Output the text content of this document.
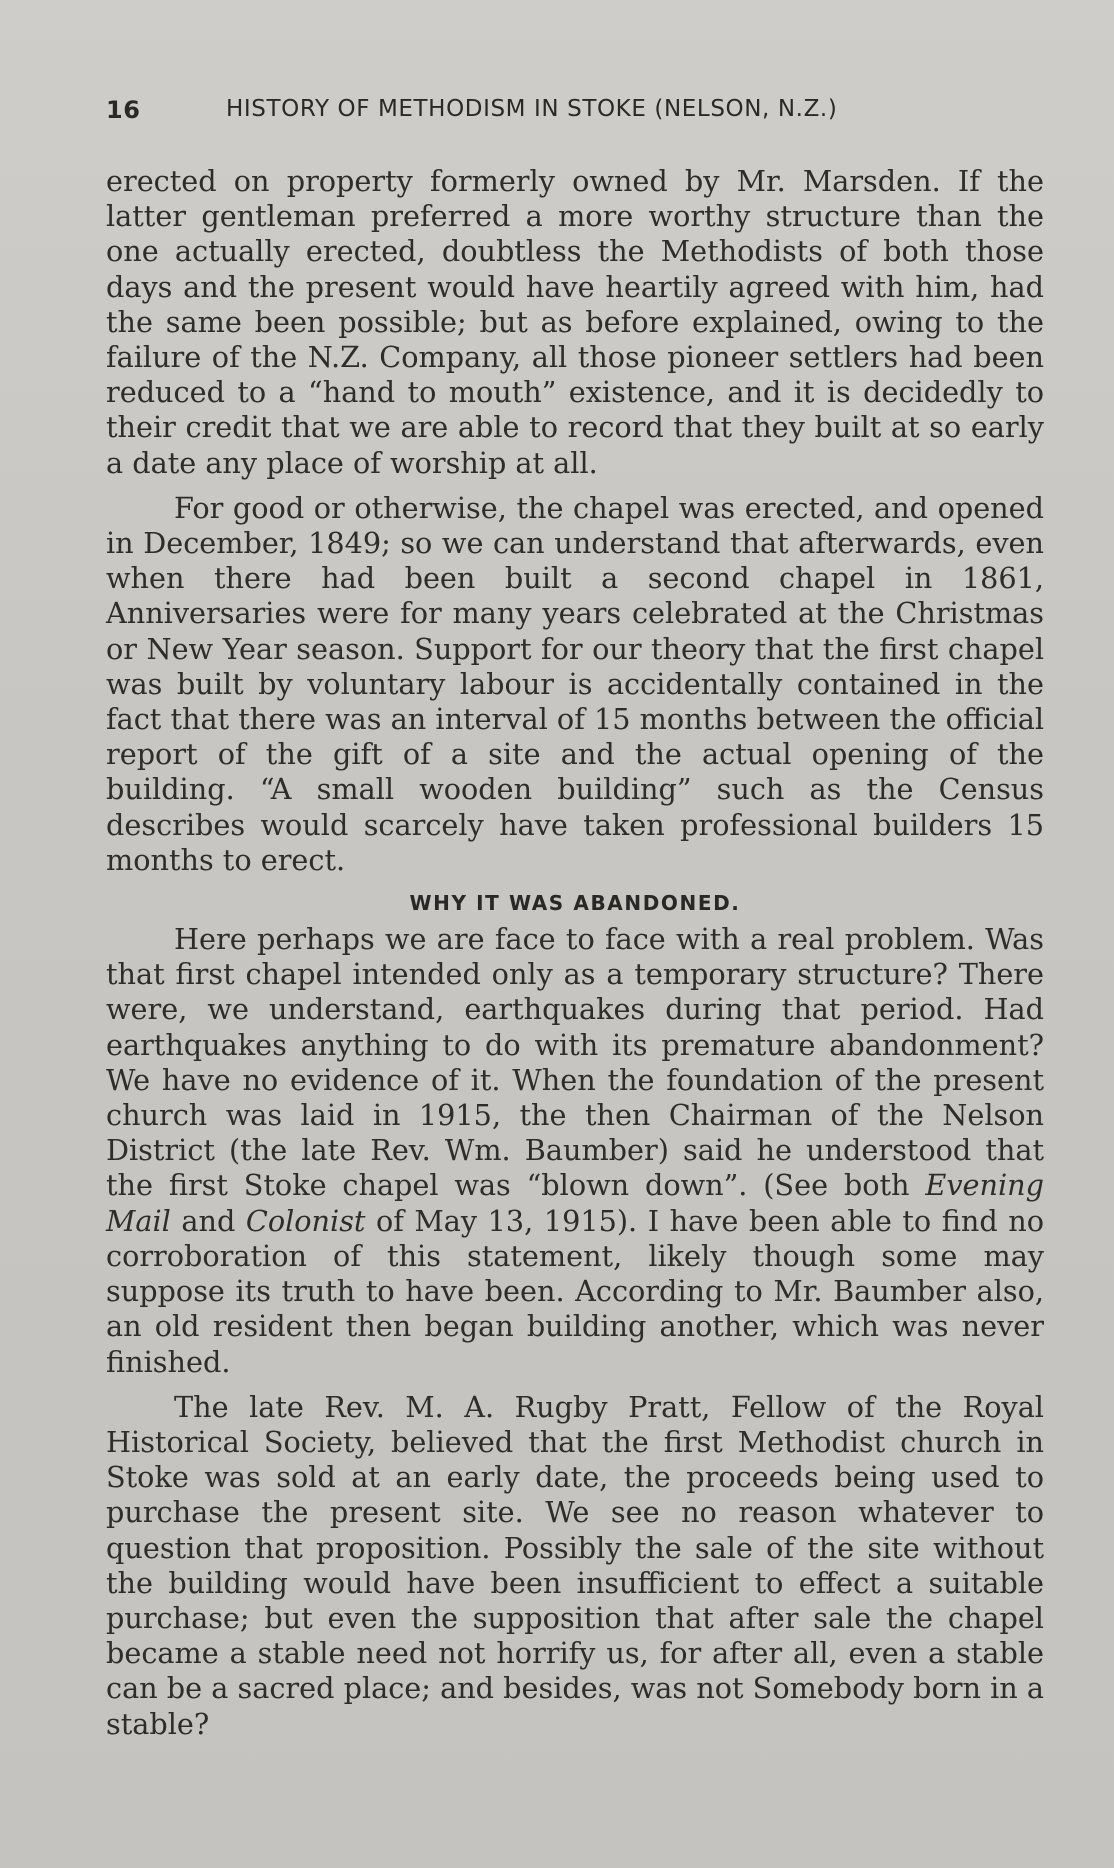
16	HISTORY OF METHODISM IN STOKE (NELSON, N.Z.)

erected on property formerly owned by Mr. Marsden. If the latter gentleman preferred a more worthy structure than the one actually erected, doubtless the Methodists of both those days and the present would have heartily agreed with him, had the same been possible; but as before explained, owing to the failure of the N.Z. Company, all those pioneer settlers had been reduced to a “hand to mouth” existence, and it is decidedly to their credit that we are able to record that they built at so early a date any place of worship at all.

For good or otherwise, the chapel was erected, and opened in December, 1849; so we can understand that afterwards, even when there had been built a second chapel in 1861, Anniversaries were for many years celebrated at the Christmas or New Year season. Support for our theory that the first chapel was built by voluntary labour is accidentally contained in the fact that there was an interval of 15 months between the official report of the gift of a site and the actual opening of the building. “A small wooden building” such as the Census describes would scarcely have taken professional builders 15 months to erect.

WHY IT WAS ABANDONED.

Here perhaps we are face to face with a real problem. Was that first chapel intended only as a temporary structure? There were, we understand, earthquakes during that period. Had earthquakes anything to do with its premature abandonment? We have no evidence of it. When the foundation of the present church was laid in 1915, the then Chairman of the Nelson District (the late Rev. Wm. Baumber) said he understood that the first Stoke chapel was “blown down”. (See both Evening Mail and Colonist of May 13, 1915). I have been able to find no corroboration of this statement, likely though some may suppose its truth to have been. According to Mr. Baumber also, an old resident then began building another, which was never finished.

The late Rev. M. A. Rugby Pratt, Fellow of the Royal Historical Society, believed that the first Methodist church in Stoke was sold at an early date, the proceeds being used to purchase the present site. We see no reason whatever to question that proposition. Possibly the sale of the site without the building would have been insufficient to effect a suitable purchase; but even the supposition that after sale the chapel became a stable need not horrify us, for after all, even a stable can be a sacred place; and besides, was not Somebody born in a stable?
